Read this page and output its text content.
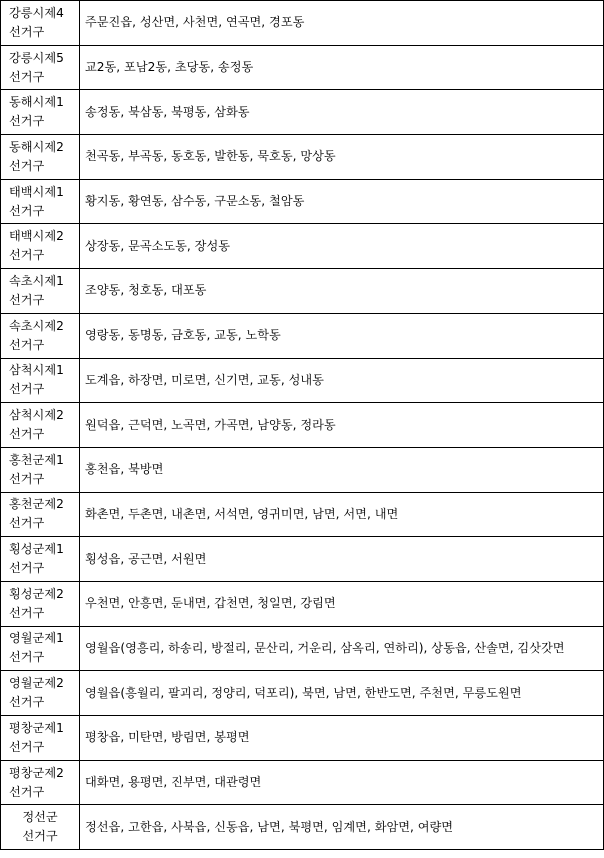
강릉시제4
선거구	주문진읍, 성산면, 사천면, 연곡면, 경포동

강릉시제5
선거구	교2동, 포남2동, 초당동, 송정동

동해시제1
선거구	송정동, 북삼동, 북평동, 삼화동

동해시제2
선거구	천곡동, 부곡동, 동호동, 발한동, 묵호동, 망상동

태백시제1
선거구	황지동, 황연동, 삼수동, 구문소동, 철암동

태백시제2
선거구	상장동, 문곡소도동, 장성동

속초시제1
선거구	조양동, 청호동, 대포동

속초시제2
선거구	영랑동, 동명동, 금호동, 교동, 노학동

삼척시제1
선거구	도계읍, 하장면, 미로면, 신기면, 교동, 성내동

삼척시제2
선거구	원덕읍, 근덕면, 노곡면, 가곡면, 남양동, 정라동

홍천군제1
선거구	홍천읍, 북방면

홍천군제2
선거구	화촌면, 두촌면, 내촌면, 서석면, 영귀미면, 남면, 서면, 내면

횡성군제1
선거구	횡성읍, 공근면, 서원면

횡성군제2
선거구	우천면, 안흥면, 둔내면, 갑천면, 청일면, 강림면

영월군제1
선거구	영월읍(영흥리, 하송리, 방절리, 문산리, 거운리, 삼옥리, 연하리), 상동읍, 산솔면, 김삿갓면

영월군제2
선거구	영월읍(흥월리, 팔괴리, 정양리, 덕포리), 북면, 남면, 한반도면, 주천면, 무릉도원면

평창군제1
선거구	평창읍, 미탄면, 방림면, 봉평면

평창군제2
선거구	대화면, 용평면, 진부면, 대관령면

정선군
선거구	정선읍, 고한읍, 사북읍, 신동읍, 남면, 북평면, 임계면, 화암면, 여량면
